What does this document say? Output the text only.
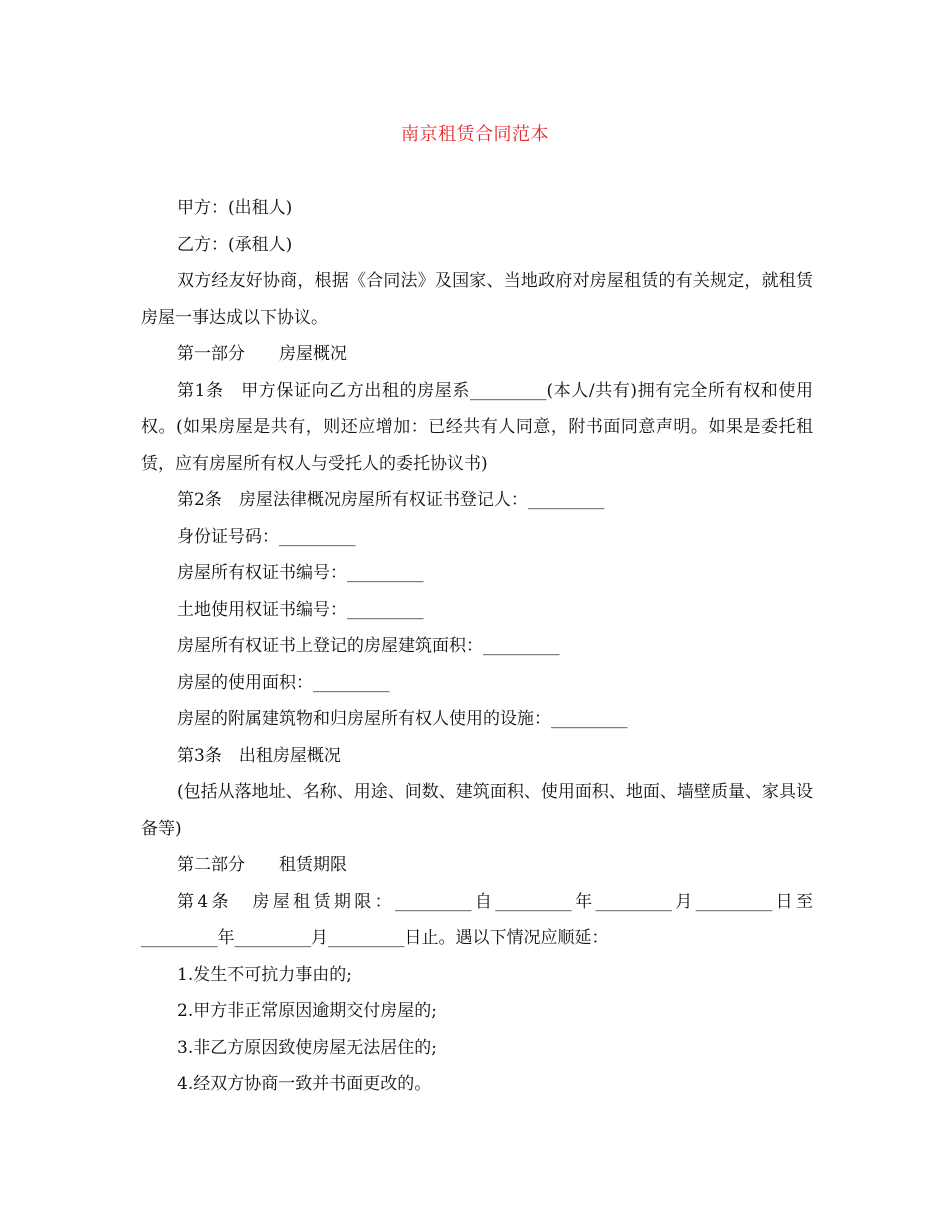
南京租赁合同范本

甲方：(出租人)

乙方：(承租人)

双方经友好协商，根据《合同法》及国家、当地政府对房屋租赁的有关规定，就租赁房屋一事达成以下协议。

第一部分　　房屋概况

第1条　甲方保证向乙方出租的房屋系_________(本人/共有)拥有完全所有权和使用权。(如果房屋是共有，则还应增加：已经共有人同意，附书面同意声明。如果是委托租赁，应有房屋所有权人与受托人的委托协议书)

第2条　房屋法律概况房屋所有权证书登记人：_________

身份证号码：_________

房屋所有权证书编号：_________

土地使用权证书编号：_________

房屋所有权证书上登记的房屋建筑面积：_________

房屋的使用面积：_________

房屋的附属建筑物和归房屋所有权人使用的设施：_________

第3条　出租房屋概况

(包括从落地址、名称、用途、间数、建筑面积、使用面积、地面、墙壁质量、家具设备等)

第二部分　　租赁期限

第4条　房屋租赁期限：_________自_________年_________月_________日至_________年_________月_________日止。遇以下情况应顺延：

1.发生不可抗力事由的;

2.甲方非正常原因逾期交付房屋的;

3.非乙方原因致使房屋无法居住的;

4.经双方协商一致并书面更改的。
